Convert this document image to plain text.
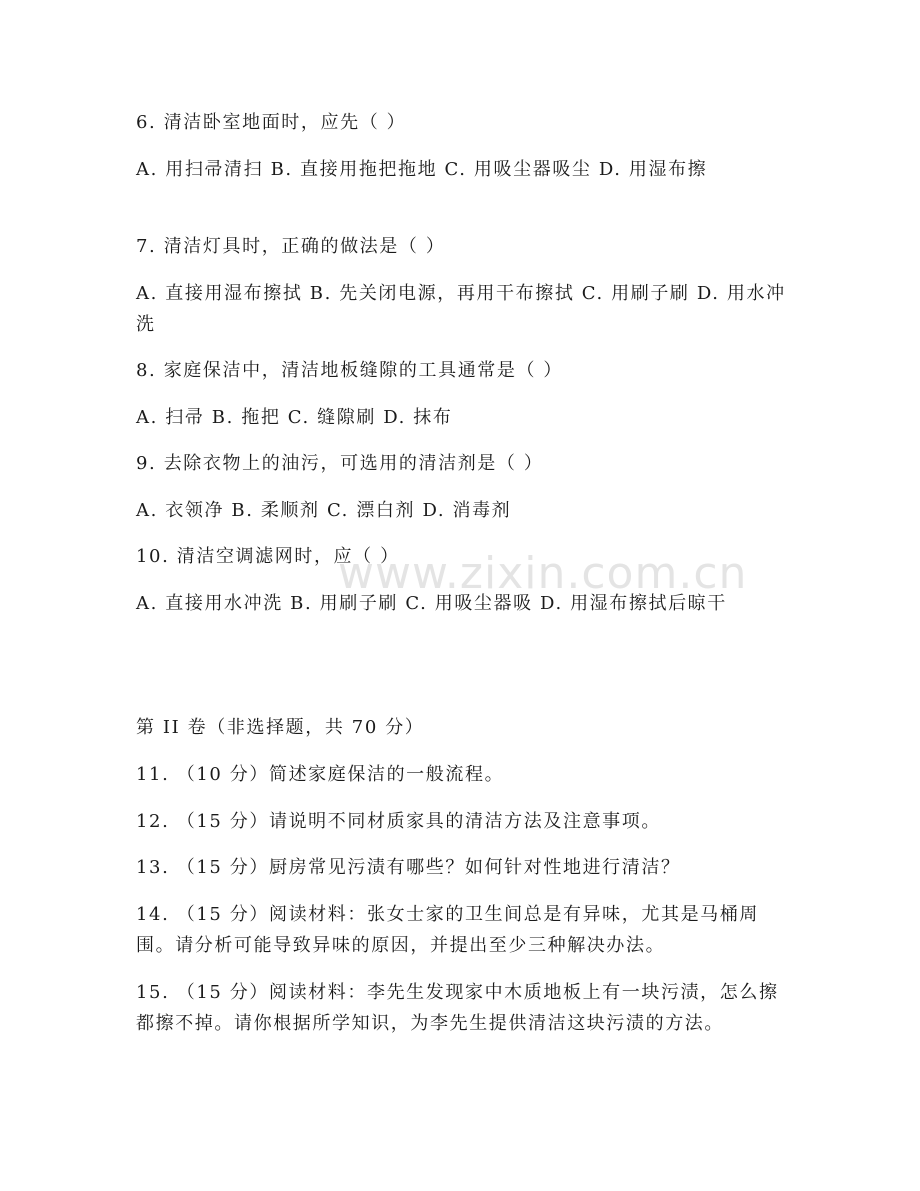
www.zixin.com.cn
6. 清洁卧室地面时，应先（ ）
A. 用扫帚清扫 B. 直接用拖把拖地 C. 用吸尘器吸尘 D. 用湿布擦
7. 清洁灯具时，正确的做法是（ ）
A. 直接用湿布擦拭 B. 先关闭电源，再用干布擦拭 C. 用刷子刷 D. 用水冲洗
8. 家庭保洁中，清洁地板缝隙的工具通常是（ ）
A. 扫帚 B. 拖把 C. 缝隙刷 D. 抹布
9. 去除衣物上的油污，可选用的清洁剂是（ ）
A. 衣领净 B. 柔顺剂 C. 漂白剂 D. 消毒剂
10. 清洁空调滤网时，应（ ）
A. 直接用水冲洗 B. 用刷子刷 C. 用吸尘器吸 D. 用湿布擦拭后晾干
第 II 卷（非选择题，共 70 分）
11. （10 分）简述家庭保洁的一般流程。
12. （15 分）请说明不同材质家具的清洁方法及注意事项。
13. （15 分）厨房常见污渍有哪些？如何针对性地进行清洁？
14. （15 分）阅读材料：张女士家的卫生间总是有异味，尤其是马桶周围。请分析可能导致异味的原因，并提出至少三种解决办法。
15. （15 分）阅读材料：李先生发现家中木质地板上有一块污渍，怎么擦都擦不掉。请你根据所学知识，为李先生提供清洁这块污渍的方法。
